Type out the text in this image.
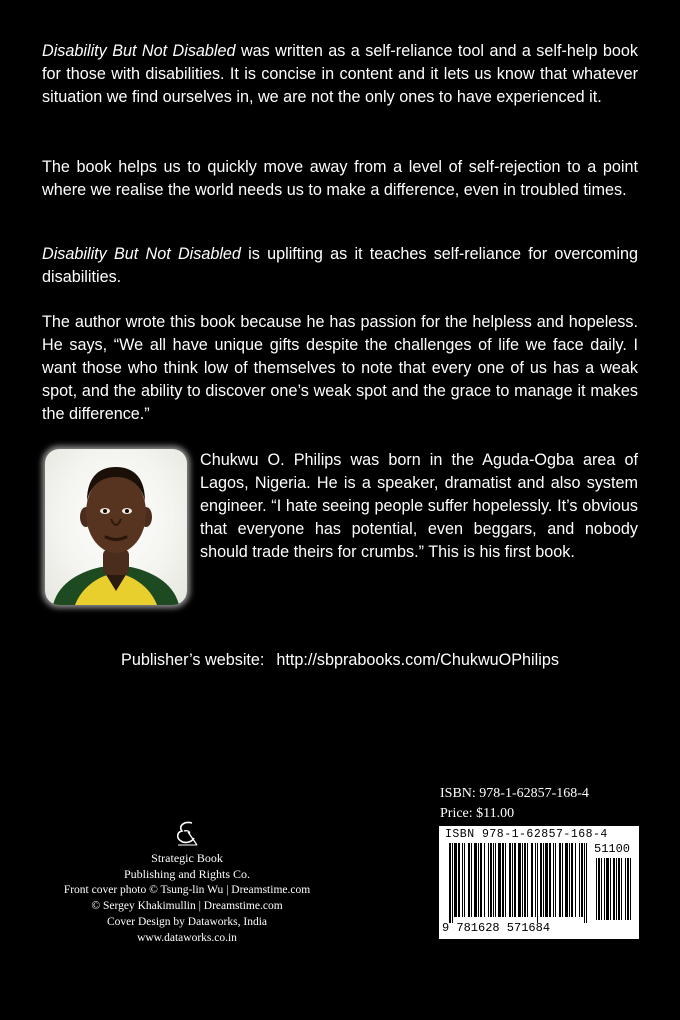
Disability But Not Disabled was written as a self-reliance tool and a self-help book for those with disabilities. It is concise in content and it lets us know that whatever situation we find ourselves in, we are not the only ones to have experienced it.

The book helps us to quickly move away from a level of self-rejection to a point where we realise the world needs us to make a difference, even in troubled times.

Disability But Not Disabled is uplifting as it teaches self-reliance for overcoming disabilities.

The author wrote this book because he has passion for the helpless and hopeless. He says, “We all have unique gifts despite the challenges of life we face daily. I want those who think low of themselves to note that every one of us has a weak spot, and the ability to discover one’s weak spot and the grace to manage it makes the difference.”

Chukwu O. Philips was born in the Aguda-Ogba area of Lagos, Nigeria. He is a speaker, dramatist and also system engineer. “I hate seeing people suffer hopelessly. It’s obvious that everyone has potential, even beggars, and nobody should trade theirs for crumbs.” This is his first book.

Publisher’s website: http://sbprabooks.com/ChukwuOPhilips

Strategic Book
Publishing and Rights Co.
Front cover photo © Tsung-lin Wu | Dreamstime.com
© Sergey Khakimullin | Dreamstime.com
Cover Design by Dataworks, India
www.dataworks.co.in
ISBN: 978-1-62857-168-4
Price: $11.00
ISBN 978-1-62857-168-4
51100
9 781628 571684
